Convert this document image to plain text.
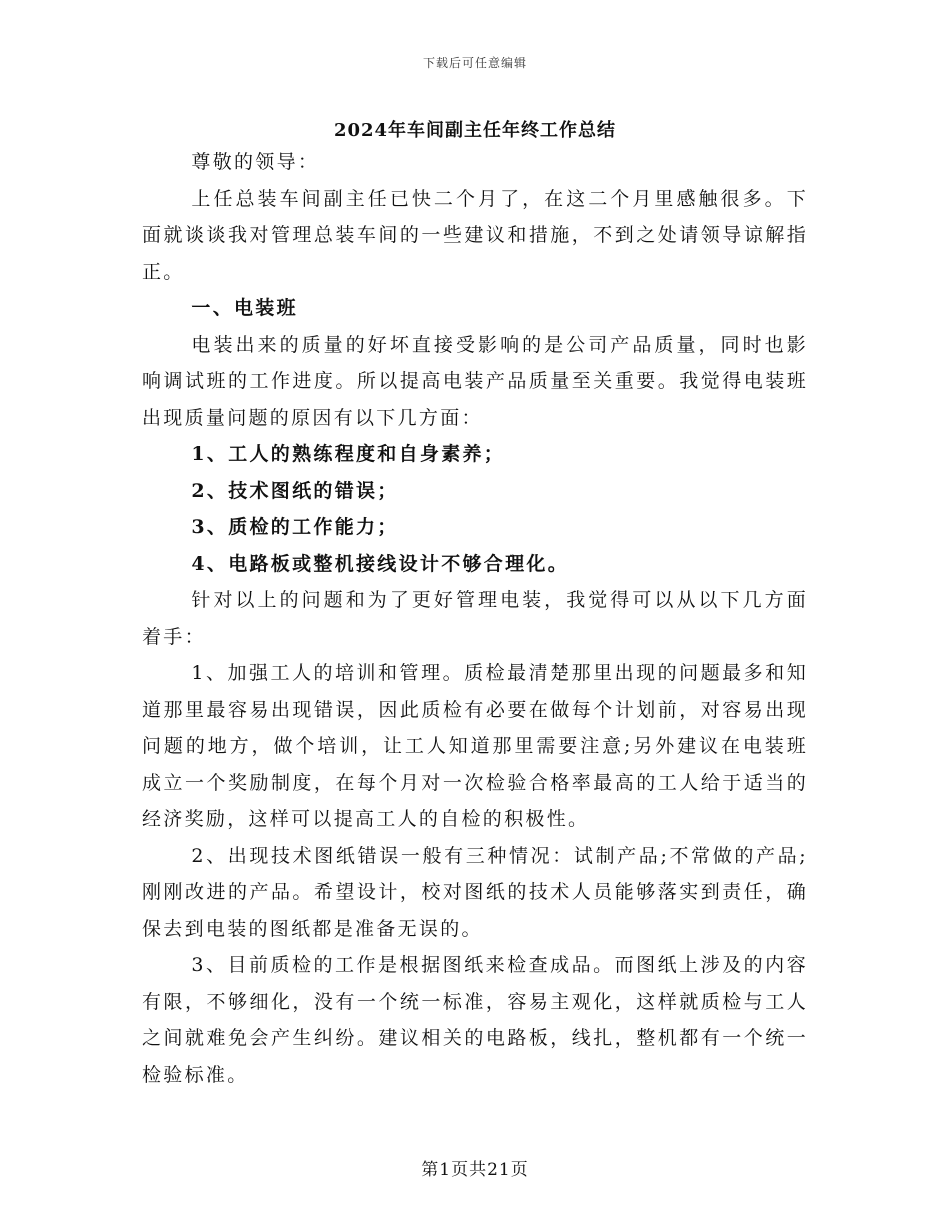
下载后可任意编辑
2024年车间副主任年终工作总结

尊敬的领导：

上任总装车间副主任已快二个月了，在这二个月里感触很多。下面就谈谈我对管理总装车间的一些建议和措施，不到之处请领导谅解指正。

一、电装班

电装出来的质量的好坏直接受影响的是公司产品质量，同时也影响调试班的工作进度。所以提高电装产品质量至关重要。我觉得电装班出现质量问题的原因有以下几方面：

1、工人的熟练程度和自身素养；

2、技术图纸的错误；

3、质检的工作能力；

4、电路板或整机接线设计不够合理化。

针对以上的问题和为了更好管理电装，我觉得可以从以下几方面着手：

1、加强工人的培训和管理。质检最清楚那里出现的问题最多和知道那里最容易出现错误，因此质检有必要在做每个计划前，对容易出现问题的地方，做个培训，让工人知道那里需要注意;另外建议在电装班成立一个奖励制度，在每个月对一次检验合格率最高的工人给于适当的经济奖励，这样可以提高工人的自检的积极性。

2、出现技术图纸错误一般有三种情况：试制产品;不常做的产品;刚刚改进的产品。希望设计，校对图纸的技术人员能够落实到责任，确保去到电装的图纸都是准备无误的。

3、目前质检的工作是根据图纸来检查成品。而图纸上涉及的内容有限，不够细化，没有一个统一标准，容易主观化，这样就质检与工人之间就难免会产生纠纷。建议相关的电路板，线扎，整机都有一个统一检验标准。

第1页共21页
